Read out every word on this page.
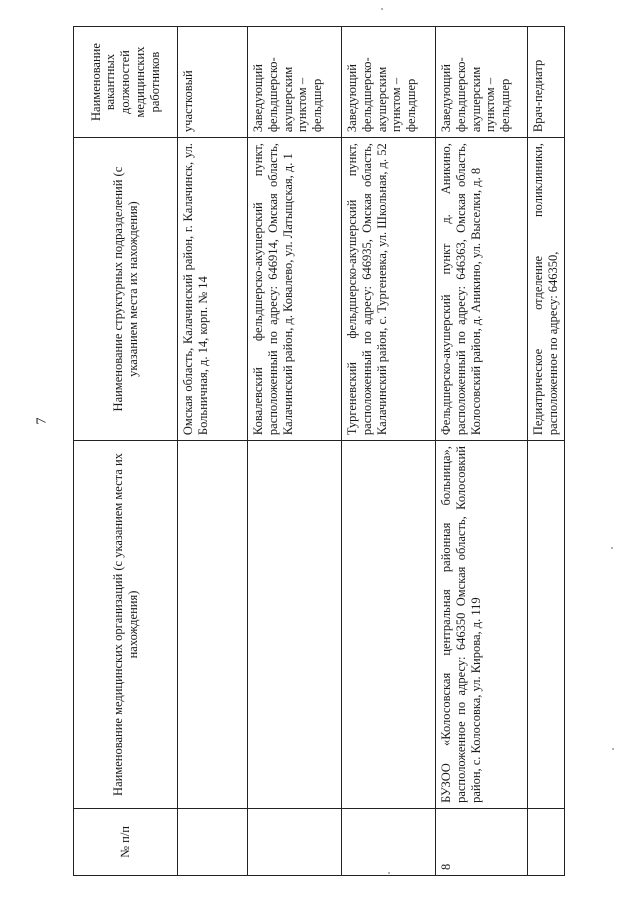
7
№ п/п	Наименование медицинских организаций (с указанием места их нахождения)	Наименование структурных подразделений (с указанием места их нахождения)	Наименование вакантных должностей медицинских работников
		Омская область, Калачинский район, г. Калачинск, ул. Больничная, д. 14, корп. № 14	участковый
		Ковалевский фельдшерско-акушерский пункт, расположенный по адресу: 646914, Омская область, Калачинский район, д. Ковалево, ул. Латыщская, д. 1	Заведующий фельдшерско-акушерским пунктом – фельдшер
		Тургеневский фельдшерско-акушерский пункт, расположенный по адресу: 646935, Омская область, Калачинский район, с. Тургеневка, ул. Школьная, д. 52	Заведующий фельдшерско-акушерским пунктом – фельдшер
8	БУЗОО «Колосовская центральная районная больница», расположенное по адресу: 646350 Омская область, Колосовкий район, с. Колосовка, ул. Кирова, д. 119	Фельдшерско-акушерский пункт д. Аникино, расположенный по адресу: 646363, Омская область, Колосовский район, д. Аникино, ул. Выселки, д. 8	Заведующий фельдшерско-акушерским пунктом – фельдшер
		Педиатрическое отделение поликлиники, расположенное по адресу: 646350,	Врач-педиатр
